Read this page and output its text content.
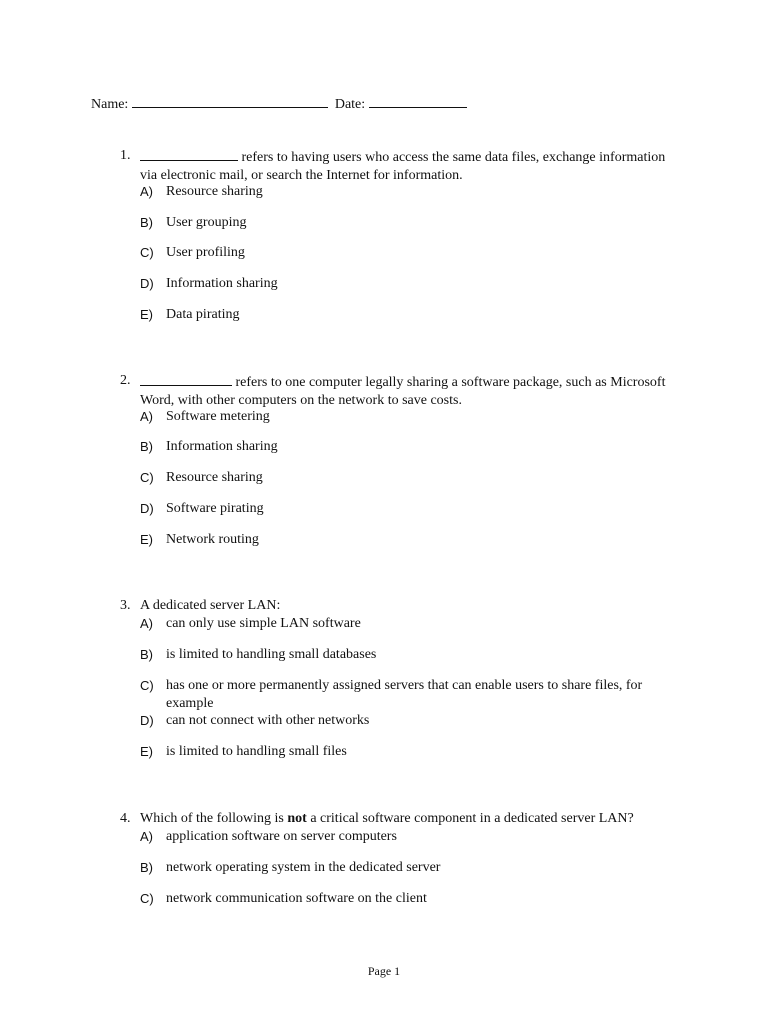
Name:	Date:
1.	refers to having users who access the same data files, exchange information via electronic mail, or search the Internet for information.
A) Resource sharing
B) User grouping
C) User profiling
D) Information sharing
E) Data pirating
2.	refers to one computer legally sharing a software package, such as Microsoft Word, with other computers on the network to save costs.
A) Software metering
B) Information sharing
C) Resource sharing
D) Software pirating
E) Network routing
3. A dedicated server LAN:
A) can only use simple LAN software
B) is limited to handling small databases
C) has one or more permanently assigned servers that can enable users to share files, for example
D) can not connect with other networks
E) is limited to handling small files
4. Which of the following is not a critical software component in a dedicated server LAN?
A) application software on server computers
B) network operating system in the dedicated server
C) network communication software on the client
Page 1
